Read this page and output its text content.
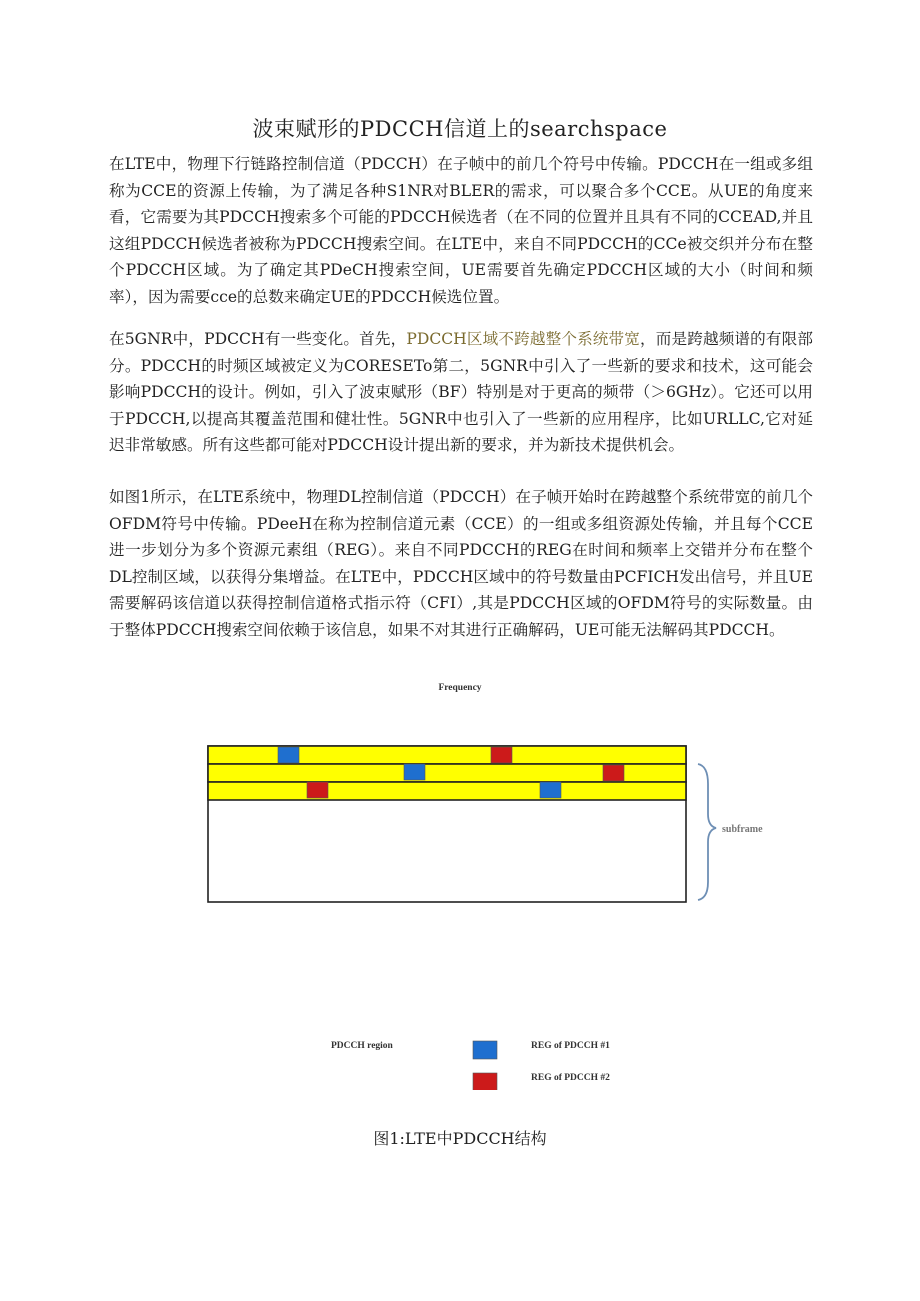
波束赋形的PDCCH信道上的searchspace

在LTE中，物理下行链路控制信道（PDCCH）在子帧中的前几个符号中传输。PDCCH在一组或多组称为CCE的资源上传输，为了满足各种S1NR对BLER的需求，可以聚合多个CCE。从UE的角度来看，它需要为其PDCCH搜索多个可能的PDCCH候选者（在不同的位置并且具有不同的CCEAD,并且这组PDCCH候选者被称为PDCCH搜索空间。在LTE中，来自不同PDCCH的CCe被交织并分布在整个PDCCH区域。为了确定其PDeCH搜索空间，UE需要首先确定PDCCH区域的大小（时间和频率），因为需要cce的总数来确定UE的PDCCH候选位置。

在5GNR中，PDCCH有一些变化。首先，PDCCH区域不跨越整个系统带宽，而是跨越频谱的有限部分。PDCCH的时频区域被定义为CORESETo第二，5GNR中引入了一些新的要求和技术，这可能会影响PDCCH的设计。例如，引入了波束赋形（BF）特别是对于更高的频带（＞6GHz）。它还可以用于PDCCH,以提高其覆盖范围和健壮性。5GNR中也引入了一些新的应用程序，比如URLLC,它对延迟非常敏感。所有这些都可能对PDCCH设计提出新的要求，并为新技术提供机会。

如图1所示，在LTE系统中，物理DL控制信道（PDCCH）在子帧开始时在跨越整个系统带宽的前几个OFDM符号中传输。PDeeH在称为控制信道元素（CCE）的一组或多组资源处传输，并且每个CCE进一步划分为多个资源元素组（REG）。来自不同PDCCH的REG在时间和频率上交错并分布在整个DL控制区域，以获得分集增益。在LTE中，PDCCH区域中的符号数量由PCFICH发出信号，并且UE需要解码该信道以获得控制信道格式指示符（CFI）,其是PDCCH区域的OFDM符号的实际数量。由于整体PDCCH搜索空间依赖于该信息，如果不对其进行正确解码，UE可能无法解码其PDCCH。

Frequency
subframe
PDCCH region	REG of PDCCH #1
REG of PDCCH #2
图1:LTE中PDCCH结构
